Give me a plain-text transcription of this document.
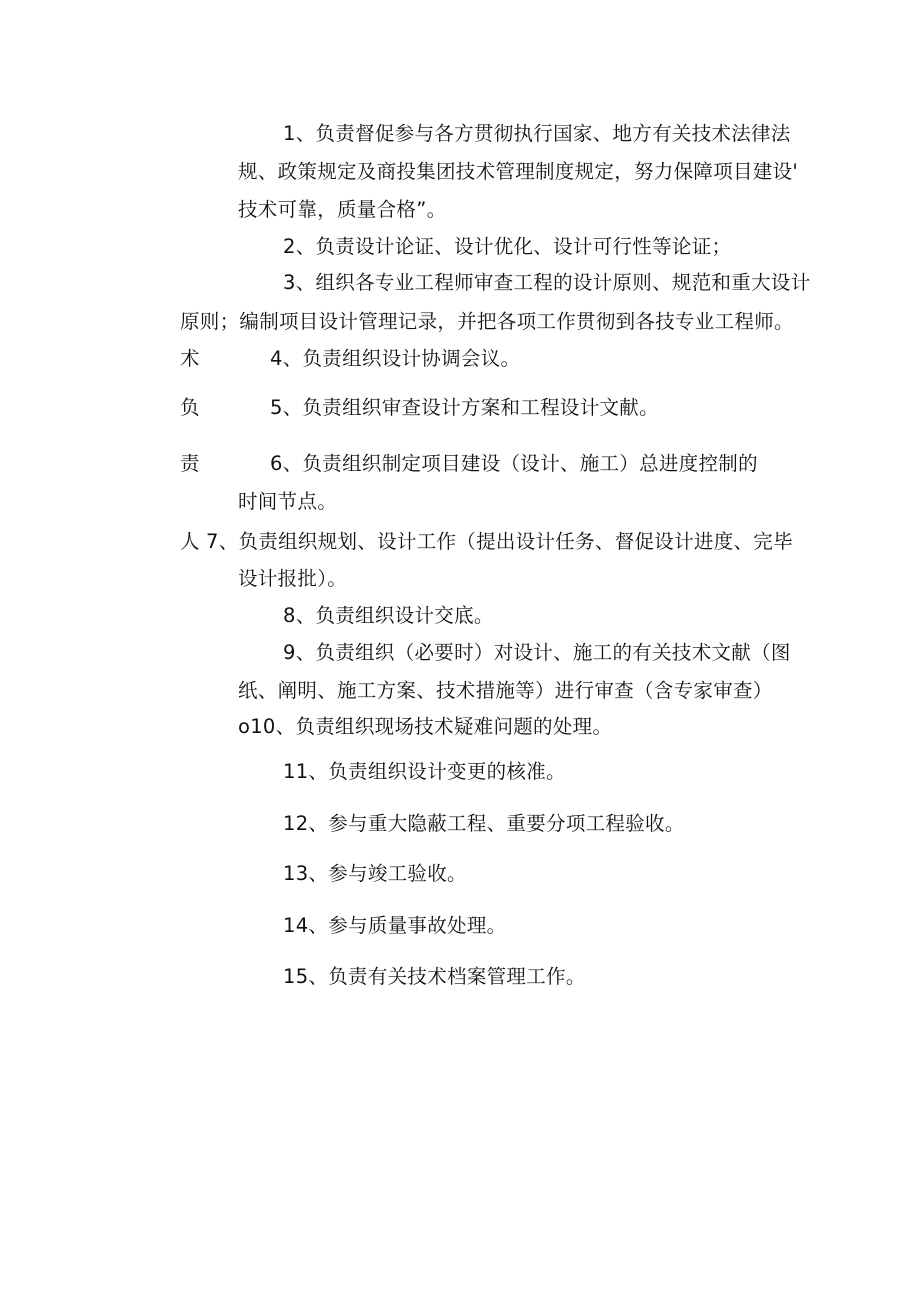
1、负责督促参与各方贯彻执行国家、地方有关技术法律法
规、政策规定及商投集团技术管理制度规定，努力保障项目建设'
技术可靠，质量合格”。
2、负责设计论证、设计优化、设计可行性等论证；
3、组织各专业工程师审查工程的设计原则、规范和重大设计
原则；编制项目设计管理记录，并把各项工作贯彻到各技专业工程师。
术	4、负责组织设计协调会议。
负	5、负责组织审查设计方案和工程设计文献。
责	6、负责组织制定项目建设（设计、施工）总进度控制的
时间节点。
人 7、负责组织规划、设计工作（提出设计任务、督促设计进度、完毕
设计报批）。
8、负责组织设计交底。
9、负责组织（必要时）对设计、施工的有关技术文献（图
纸、阐明、施工方案、技术措施等）进行审查（含专家审查）
o10、负责组织现场技术疑难问题的处理。
11、负责组织设计变更的核准。
12、参与重大隐蔽工程、重要分项工程验收。
13、参与竣工验收。
14、参与质量事故处理。
15、负责有关技术档案管理工作。
